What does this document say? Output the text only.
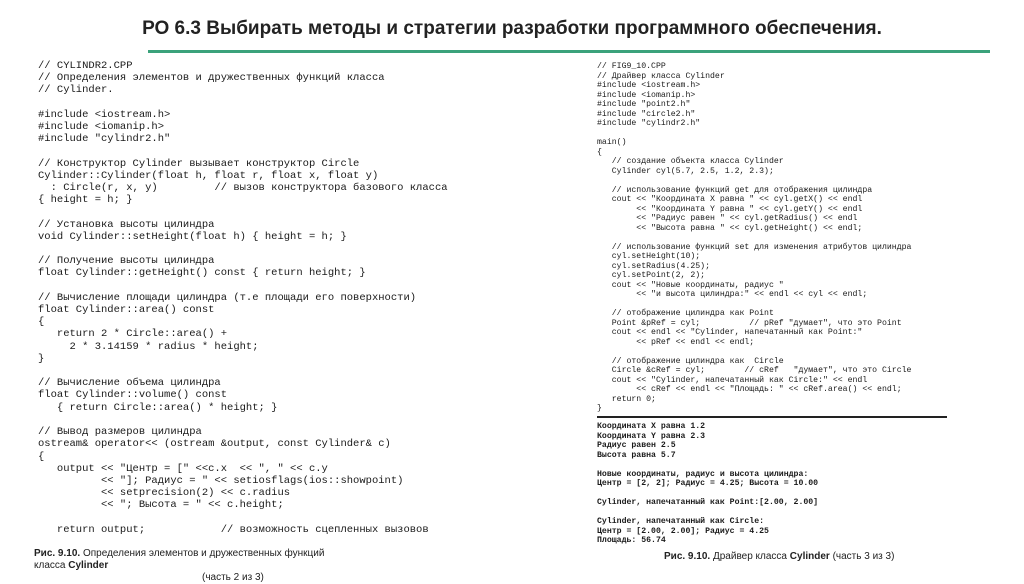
РО 6.3 Выбирать методы и стратегии разработки программного обеспечения.
// CYLINDR2.CPP
// Определения элементов и дружественных функций класса
// Cylinder.

#include <iostream.h>
#include <iomanip.h>
#include "cylindr2.h"

// Конструктор Cylinder вызывает конструктор Circle
Cylinder::Cylinder(float h, float r, float x, float y)
: Circle(r, x, y)         // вызов конструктора базового класса
{ height = h; }

// Установка высоты цилиндра
void Cylinder::setHeight(float h) { height = h; }

// Получение высоты цилиндра
float Cylinder::getHeight() const { return height; }

// Вычисление площади цилиндра (т.е площади его поверхности)
float Cylinder::area() const
{
return 2 * Circle::area() +
2 * 3.14159 * radius * height;
}

// Вычисление объема цилиндра
float Cylinder::volume() const
{ return Circle::area() * height; }

// Вывод размеров цилиндра
ostream& operator<< (ostream &output, const Cylinder& c)
{
output << "Центр = [" <<c.x  << ", " << c.y
<< "]; Радиус = " << setiosflags(ios::showpoint)
<< setprecision(2) << c.radius
<< "; Высота = " << c.height;

return output;            // возможность сцепленных вызовов
Рис. 9.10. Определения элементов и дружественных функций класса Cylinder
(часть 2 из 3)
// FIG9_10.CPP
// Драйвер класса Cylinder
#include <iostream.h>
#include <iomanip.h>
#include "point2.h"
#include "circle2.h"
#include "cylindr2.h"

main()
{
// создание объекта класса Cylinder
Cylinder cyl(5.7, 2.5, 1.2, 2.3);

// использование функций get для отображения цилиндра
cout << "Координата X равна " << cyl.getX() << endl
<< "Координата Y равна " << cyl.getY() << endl
<< "Радиус равен " << cyl.getRadius() << endl
<< "Высота равна " << cyl.getHeight() << endl;

// использование функций set для изменения атрибутов цилиндра
cyl.setHeight(10);
cyl.setRadius(4.25);
cyl.setPoint(2, 2);
cout << "Новые координаты, радиус "
<< "и высота цилиндра:" << endl << cyl << endl;

// отображение цилиндра как Point
Point &pRef = cyl;          // pRef "думает", что это Point
cout << endl << "Cylinder, напечатанный как Point:"
<< pRef << endl << endl;

// отображение цилиндра как  Circle
Circle &cRef = cyl;        // cRef   "думает", что это Circle
cout << "Cylinder, напечатанный как Circle:" << endl
<< cRef << endl << "Площадь: " << cRef.area() << endl;
return 0;
}
Координата X равна 1.2
Координата Y равна 2.3
Радиус равен 2.5
Высота равна 5.7

Новые координаты, радиус и высота цилиндра:
Центр = [2, 2]; Радиус = 4.25; Высота = 10.00

Cylinder, напечатанный как Point:[2.00, 2.00]

Cylinder, напечатанный как Circle:
Центр = [2.00, 2.00]; Радиус = 4.25
Площадь: 56.74
Рис. 9.10. Драйвер класса Cylinder (часть 3 из 3)
